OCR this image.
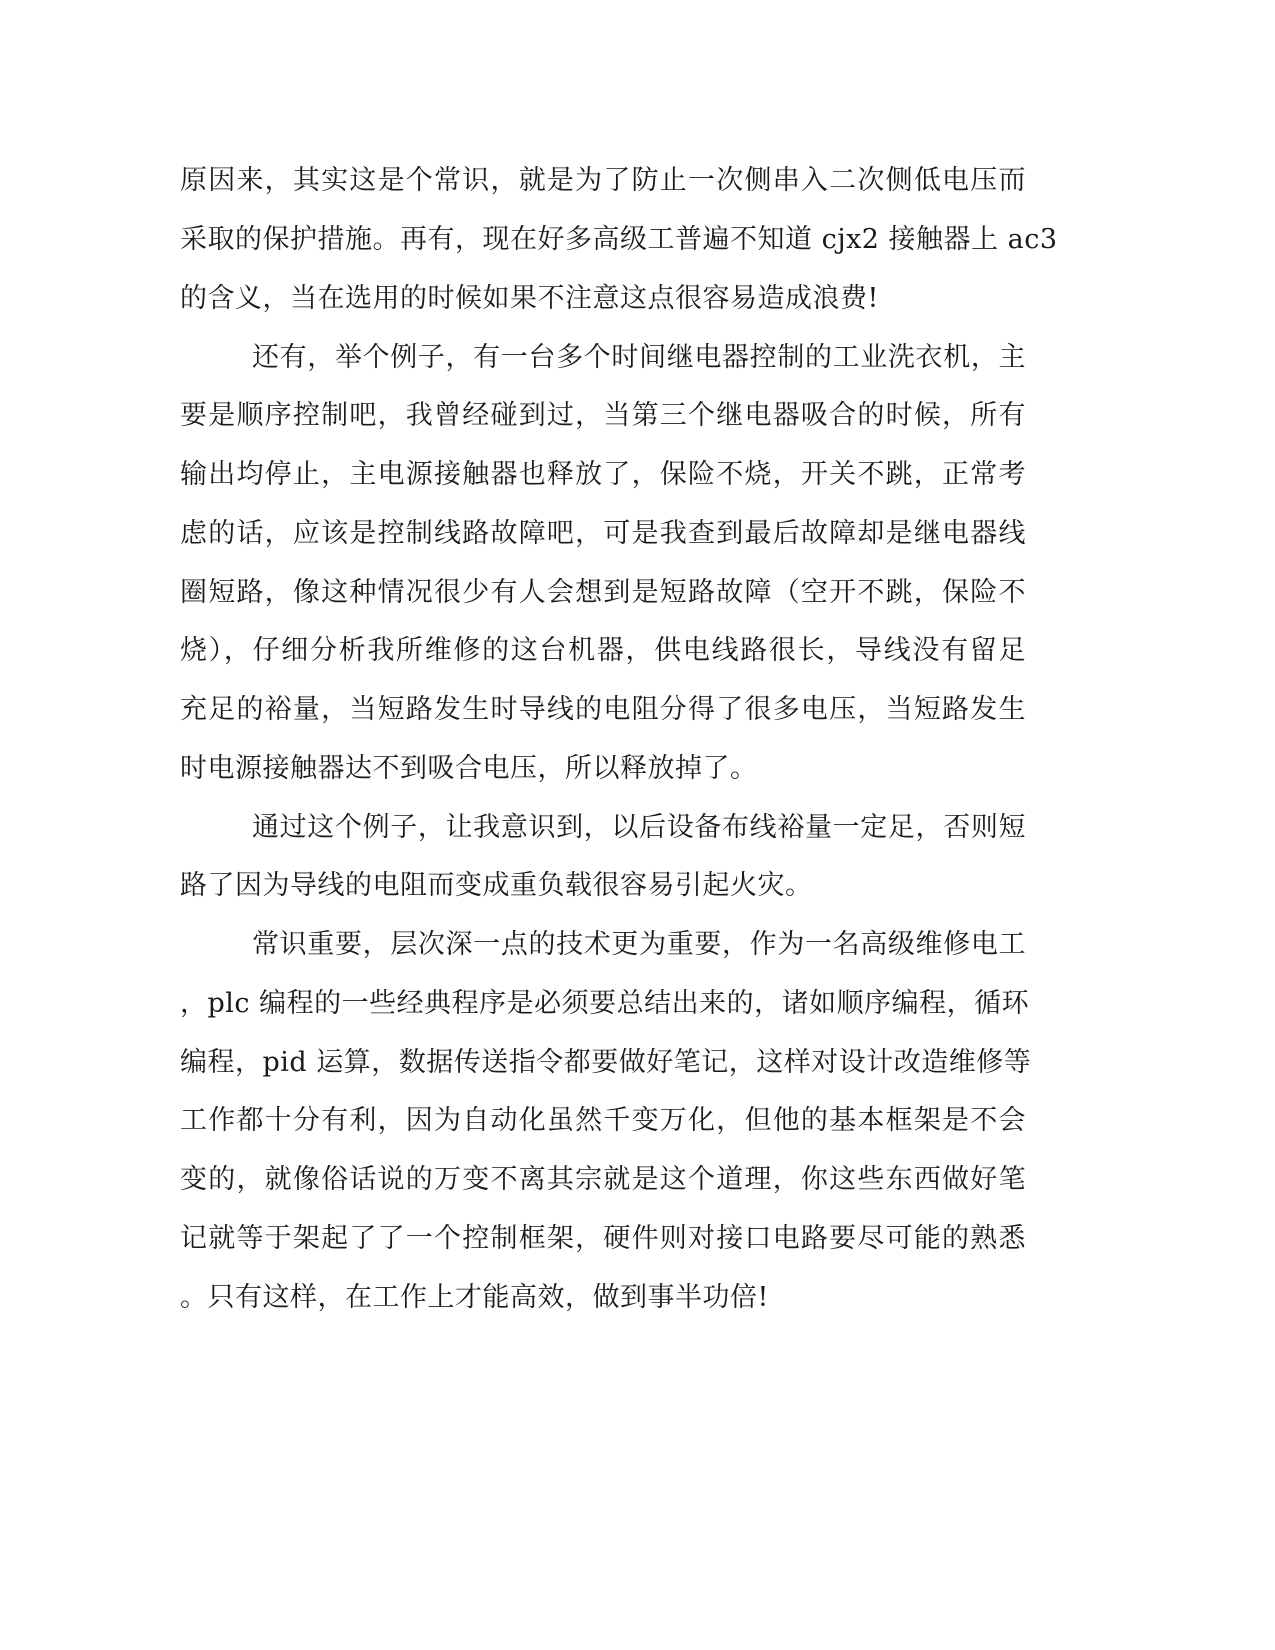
原因来，其实这是个常识，就是为了防止一次侧串入二次侧低电压而
采取的保护措施。再有，现在好多高级工普遍不知道 cjx2 接触器上 ac3
的含义，当在选用的时候如果不注意这点很容易造成浪费!
还有，举个例子，有一台多个时间继电器控制的工业洗衣机，主
要是顺序控制吧，我曾经碰到过，当第三个继电器吸合的时候，所有
输出均停止，主电源接触器也释放了，保险不烧，开关不跳，正常考
虑的话，应该是控制线路故障吧，可是我查到最后故障却是继电器线
圈短路，像这种情况很少有人会想到是短路故障（空开不跳，保险不
烧），仔细分析我所维修的这台机器，供电线路很长，导线没有留足
充足的裕量，当短路发生时导线的电阻分得了很多电压，当短路发生
时电源接触器达不到吸合电压，所以释放掉了。
通过这个例子，让我意识到，以后设备布线裕量一定足，否则短
路了因为导线的电阻而变成重负载很容易引起火灾。
常识重要，层次深一点的技术更为重要，作为一名高级维修电工
，plc 编程的一些经典程序是必须要总结出来的，诸如顺序编程，循环
编程，pid 运算，数据传送指令都要做好笔记，这样对设计改造维修等
工作都十分有利，因为自动化虽然千变万化，但他的基本框架是不会
变的，就像俗话说的万变不离其宗就是这个道理，你这些东西做好笔
记就等于架起了了一个控制框架，硬件则对接口电路要尽可能的熟悉
。只有这样，在工作上才能高效，做到事半功倍!
